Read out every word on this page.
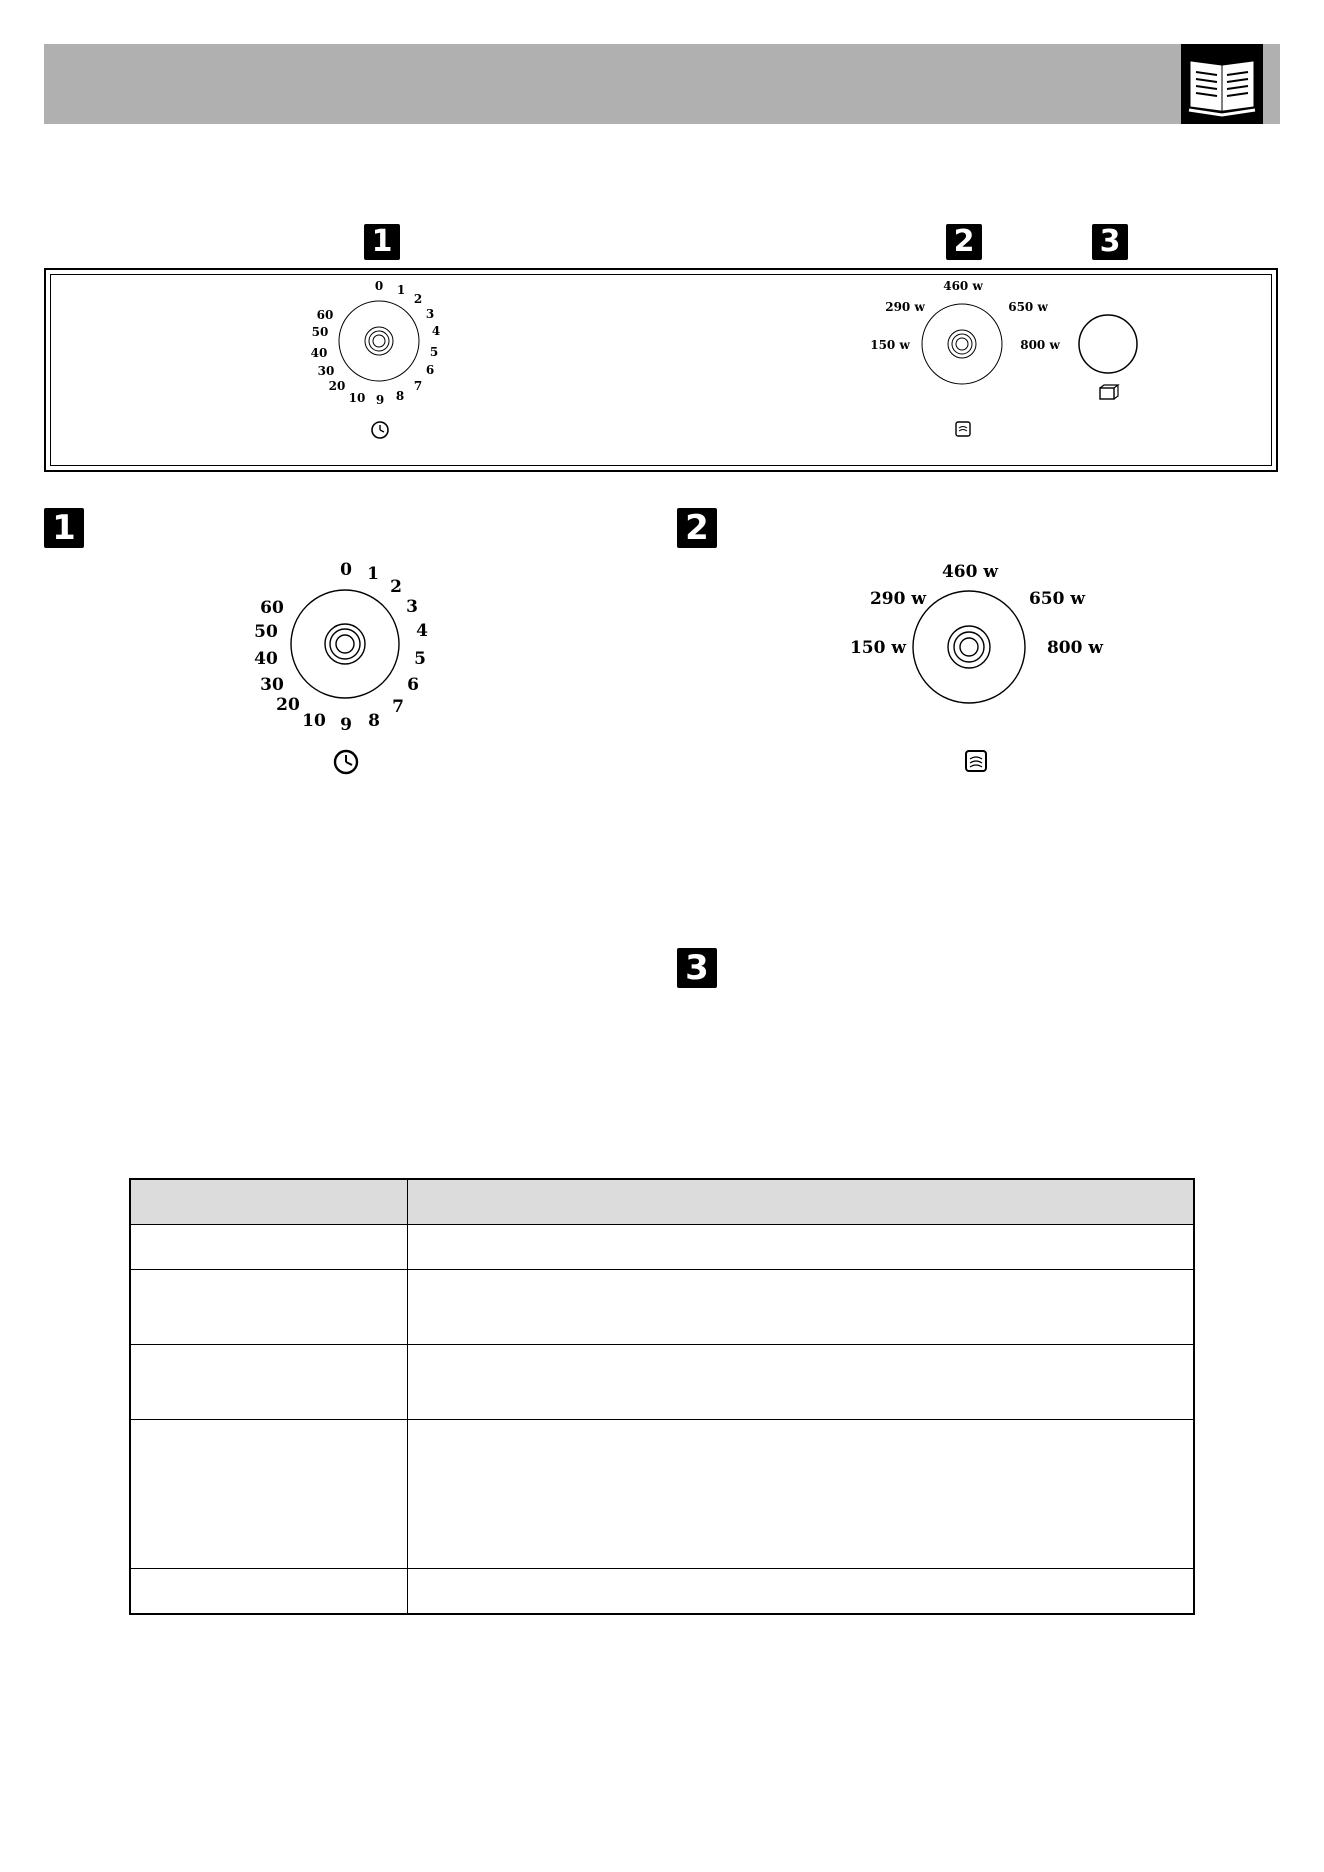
1	2	3
0 1
2
3
4
5
6
7
8
9
10
20
30
40
50
60
150 w
290 w
460 w
650 w
800 w
1
0 1
2
3
4
5
6
7
8
9
10
20
30
40
50
60
2
150 w
290 w
460 w
650 w
800 w
3
